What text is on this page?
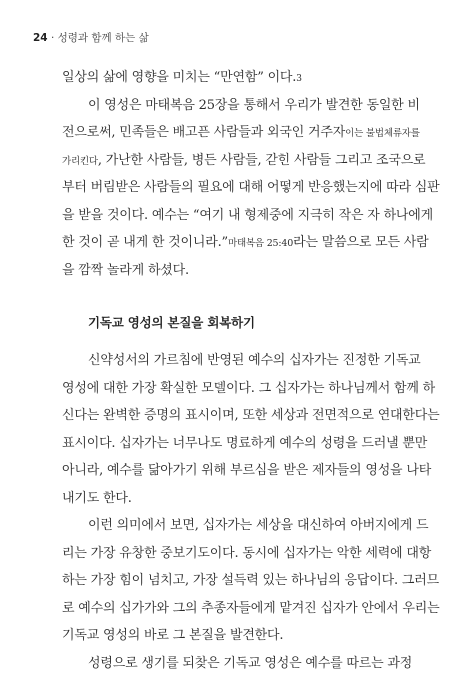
24 · 성령과 함께 하는 삶
일상의 삶에 영향을 미치는 “만연함” 이다.3
이 영성은 마태복음 25장을 통해서 우리가 발견한 동일한 비
전으로써, 민족들은 배고픈 사람들과 외국인 거주자이는 불법체류자를
가리킨다, 가난한 사람들, 병든 사람들, 갇힌 사람들 그리고 조국으로
부터 버림받은 사람들의 필요에 대해 어떻게 반응했는지에 따라 심판
을 받을 것이다. 예수는 “여기 내 형제중에 지극히 작은 자 하나에게
한 것이 곧 내게 한 것이니라.”마태복음 25:40라는 말씀으로 모든 사람
을 깜짝 놀라게 하셨다.
기독교 영성의 본질을 회복하기
신약성서의 가르침에 반영된 예수의 십자가는 진정한 기독교
영성에 대한 가장 확실한 모델이다. 그 십자가는 하나님께서 함께 하
신다는 완벽한 증명의 표시이며, 또한 세상과 전면적으로 연대한다는
표시이다. 십자가는 너무나도 명료하게 예수의 성령을 드러낼 뿐만
아니라, 예수를 닮아가기 위해 부르심을 받은 제자들의 영성을 나타
내기도 한다.
이런 의미에서 보면, 십자가는 세상을 대신하여 아버지에게 드
리는 가장 유창한 중보기도이다. 동시에 십자가는 악한 세력에 대항
하는 가장 힘이 넘치고, 가장 설득력 있는 하나님의 응답이다. 그러므
로 예수의 십가가와 그의 추종자들에게 맡겨진 십자가 안에서 우리는
기독교 영성의 바로 그 본질을 발견한다.
성령으로 생기를 되찾은 기독교 영성은 예수를 따르는 과정
